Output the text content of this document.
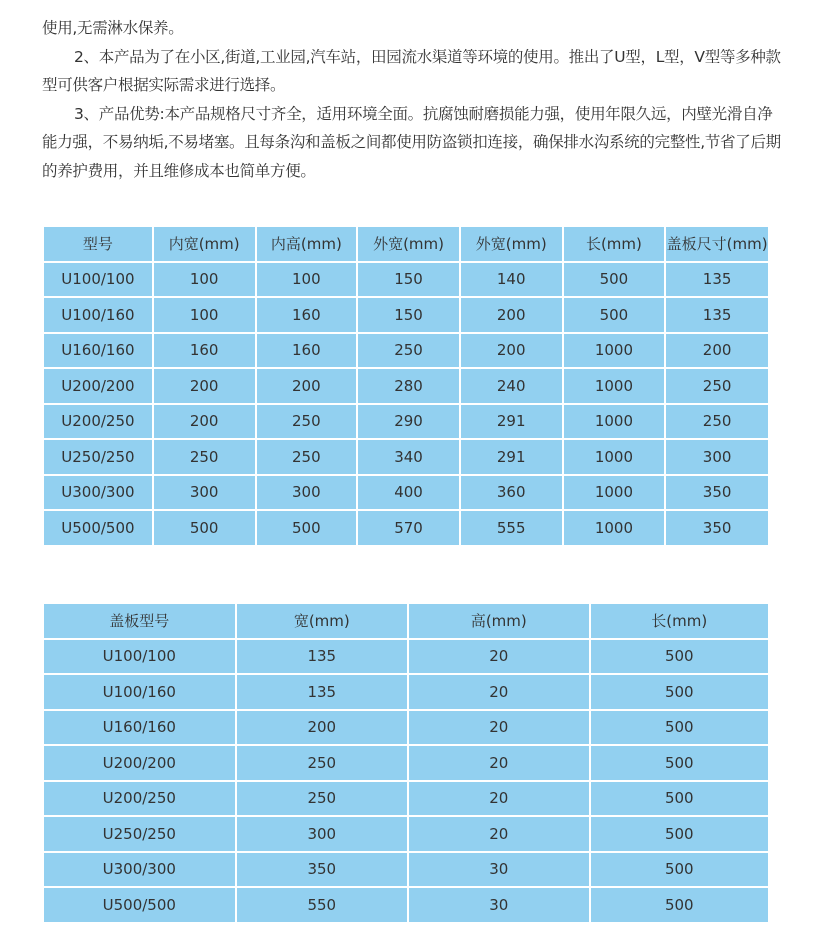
使用,无需淋水保养。

2、本产品为了在小区,街道,工业园,汽车站，田园流水渠道等环境的使用。推出了U型，L型，V型等多种款型可供客户根据实际需求进行选择。

3、产品优势:本产品规格尺寸齐全，适用环境全面。抗腐蚀耐磨损能力强，使用年限久远，内壁光滑自净能力强，不易纳垢,不易堵塞。且每条沟和盖板之间都使用防盗锁扣连接，确保排水沟系统的完整性,节省了后期的养护费用，并且维修成本也简单方便。

型号	内宽(mm)	内高(mm)	外宽(mm)	外宽(mm)	长(mm)	盖板尺寸(mm)
U100/100	100	100	150	140	500	135
U100/160	100	160	150	200	500	135
U160/160	160	160	250	200	1000	200
U200/200	200	200	280	240	1000	250
U200/250	200	250	290	291	1000	250
U250/250	250	250	340	291	1000	300
U300/300	300	300	400	360	1000	350
U500/500	500	500	570	555	1000	350
盖板型号	宽(mm)	高(mm)	长(mm)
U100/100	135	20	500
U100/160	135	20	500
U160/160	200	20	500
U200/200	250	20	500
U200/250	250	20	500
U250/250	300	20	500
U300/300	350	30	500
U500/500	550	30	500
